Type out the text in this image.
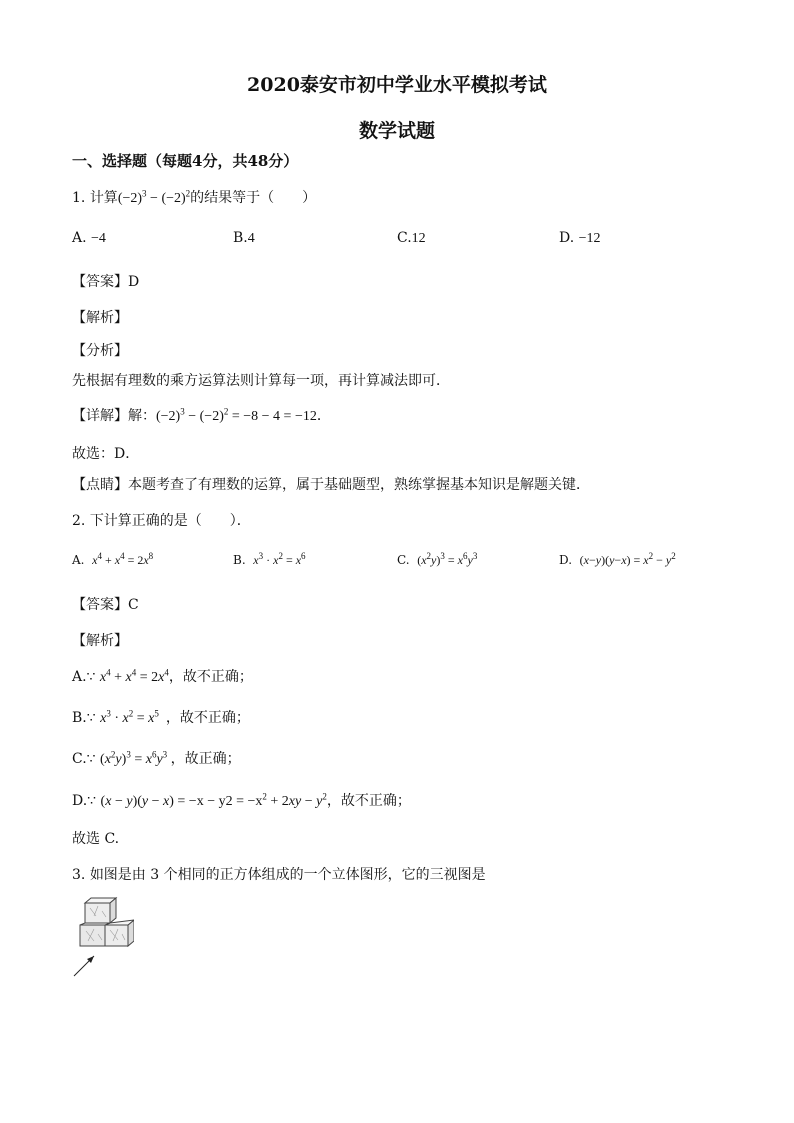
2020泰安市初中学业水平模拟考试
数学试题
一、选择题（每题4分，共48分）
1. 计算$(-2)^3 - (-2)^2$的结果等于（　　）
A. −4	B.4	C.12	D. −12
【答案】D
【解析】
【分析】
先根据有理数的乘方运算法则计算每一项，再计算减法即可．
【详解】解：$(-2)^3 - (-2)^2 = -8 - 4 = -12$．
故选：D．
【点睛】本题考查了有理数的运算，属于基础题型，熟练掌握基本知识是解题关键．
2. 下计算正确的是（　　）．
A. $x^4 + x^4 = 2x^8$	B. $x^3 \cdot x^2 = x^6$	C. $(x^2y)^3 = x^6y^3$	D. $(x-y)(y-x) = x^2 - y^2$
【答案】C
【解析】
A.∵ $x^4 + x^4 = 2x^4$，故不正确；
B.∵ $x^3 \cdot x^2 = x^5$ ，故不正确；
C.∵ $(x^2y)^3 = x^6y^3$ ，故正确；
D.∵ $(x - y)(y - x) = -x - y2 = -x^2 + 2xy - y^2$，故不正确；
故选 C.
3. 如图是由 3 个相同的正方体组成的一个立体图形，它的三视图是
